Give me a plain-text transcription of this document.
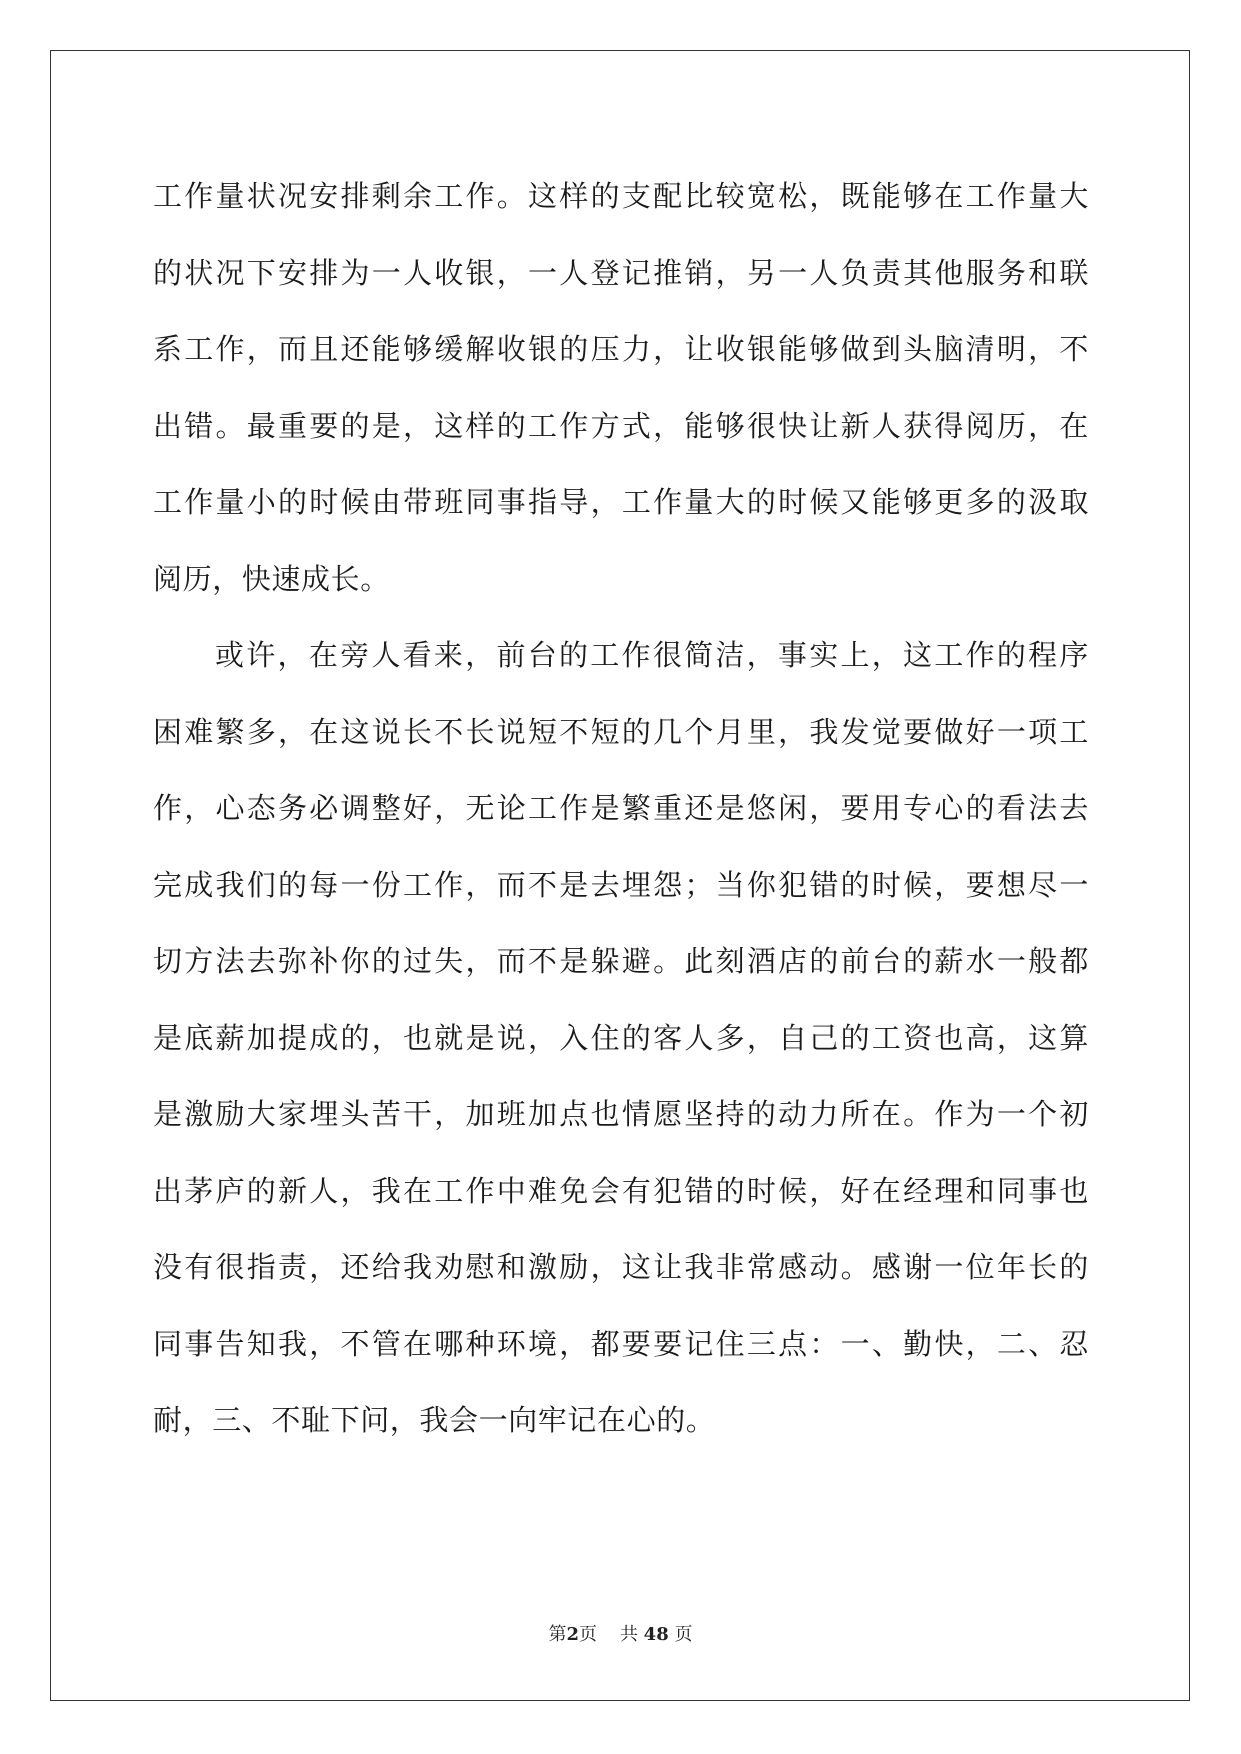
工作量状况安排剩余工作。这样的支配比较宽松，既能够在工作量大
的状况下安排为一人收银，一人登记推销，另一人负责其他服务和联
系工作，而且还能够缓解收银的压力，让收银能够做到头脑清明，不
出错。最重要的是，这样的工作方式，能够很快让新人获得阅历，在
工作量小的时候由带班同事指导，工作量大的时候又能够更多的汲取
阅历，快速成长。
或许，在旁人看来，前台的工作很简洁，事实上，这工作的程序
困难繁多，在这说长不长说短不短的几个月里，我发觉要做好一项工
作，心态务必调整好，无论工作是繁重还是悠闲，要用专心的看法去
完成我们的每一份工作，而不是去埋怨；当你犯错的时候，要想尽一
切方法去弥补你的过失，而不是躲避。此刻酒店的前台的薪水一般都
是底薪加提成的，也就是说，入住的客人多，自己的工资也高，这算
是激励大家埋头苦干，加班加点也情愿坚持的动力所在。作为一个初
出茅庐的新人，我在工作中难免会有犯错的时候，好在经理和同事也
没有很指责，还给我劝慰和激励，这让我非常感动。感谢一位年长的
同事告知我，不管在哪种环境，都要要记住三点：一、勤快，二、忍
耐，三、不耻下问，我会一向牢记在心的。
第2页 共 48 页
